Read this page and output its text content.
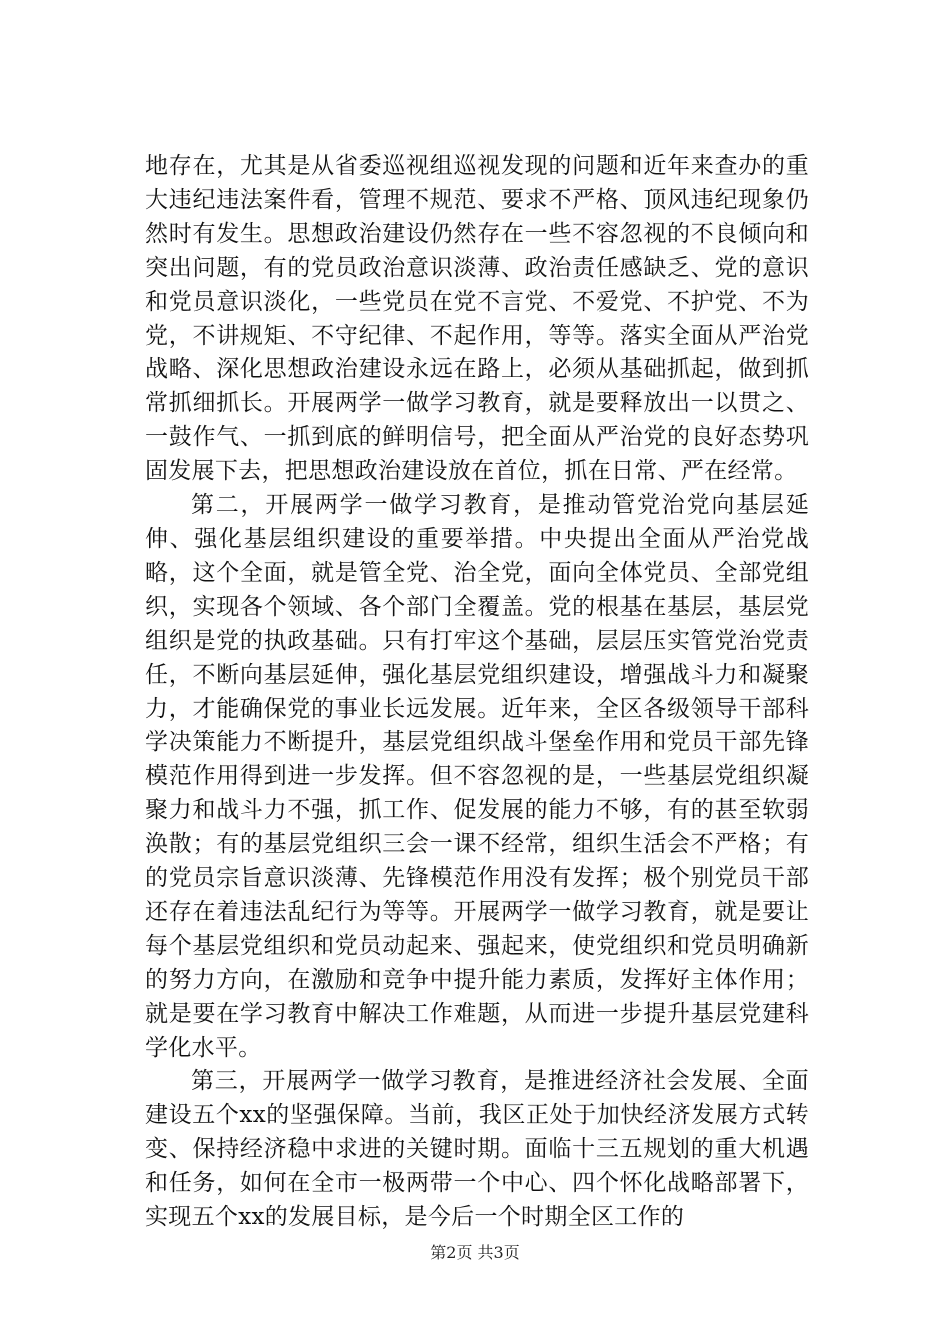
地存在，尤其是从省委巡视组巡视发现的问题和近年来查办的重大违纪违法案件看，管理不规范、要求不严格、顶风违纪现象仍然时有发生。思想政治建设仍然存在一些不容忽视的不良倾向和突出问题，有的党员政治意识淡薄、政治责任感缺乏、党的意识和党员意识淡化，一些党员在党不言党、不爱党、不护党、不为党，不讲规矩、不守纪律、不起作用，等等。落实全面从严治党战略、深化思想政治建设永远在路上，必须从基础抓起，做到抓常抓细抓长。开展两学一做学习教育，就是要释放出一以贯之、一鼓作气、一抓到底的鲜明信号，把全面从严治党的良好态势巩固发展下去，把思想政治建设放在首位，抓在日常、严在经常。

第二，开展两学一做学习教育，是推动管党治党向基层延伸、强化基层组织建设的重要举措。中央提出全面从严治党战略，这个全面，就是管全党、治全党，面向全体党员、全部党组织，实现各个领域、各个部门全覆盖。党的根基在基层，基层党组织是党的执政基础。只有打牢这个基础，层层压实管党治党责任，不断向基层延伸，强化基层党组织建设，增强战斗力和凝聚力，才能确保党的事业长远发展。近年来，全区各级领导干部科学决策能力不断提升，基层党组织战斗堡垒作用和党员干部先锋模范作用得到进一步发挥。但不容忽视的是，一些基层党组织凝聚力和战斗力不强，抓工作、促发展的能力不够，有的甚至软弱涣散；有的基层党组织三会一课不经常，组织生活会不严格；有的党员宗旨意识淡薄、先锋模范作用没有发挥；极个别党员干部还存在着违法乱纪行为等等。开展两学一做学习教育，就是要让每个基层党组织和党员动起来、强起来，使党组织和党员明确新的努力方向，在激励和竞争中提升能力素质，发挥好主体作用；就是要在学习教育中解决工作难题，从而进一步提升基层党建科学化水平。

第三，开展两学一做学习教育，是推进经济社会发展、全面建设五个xx的坚强保障。当前，我区正处于加快经济发展方式转变、保持经济稳中求进的关键时期。面临十三五规划的重大机遇和任务，如何在全市一极两带一个中心、四个怀化战略部署下，实现五个xx的发展目标，是今后一个时期全区工作的

第2页 共3页
